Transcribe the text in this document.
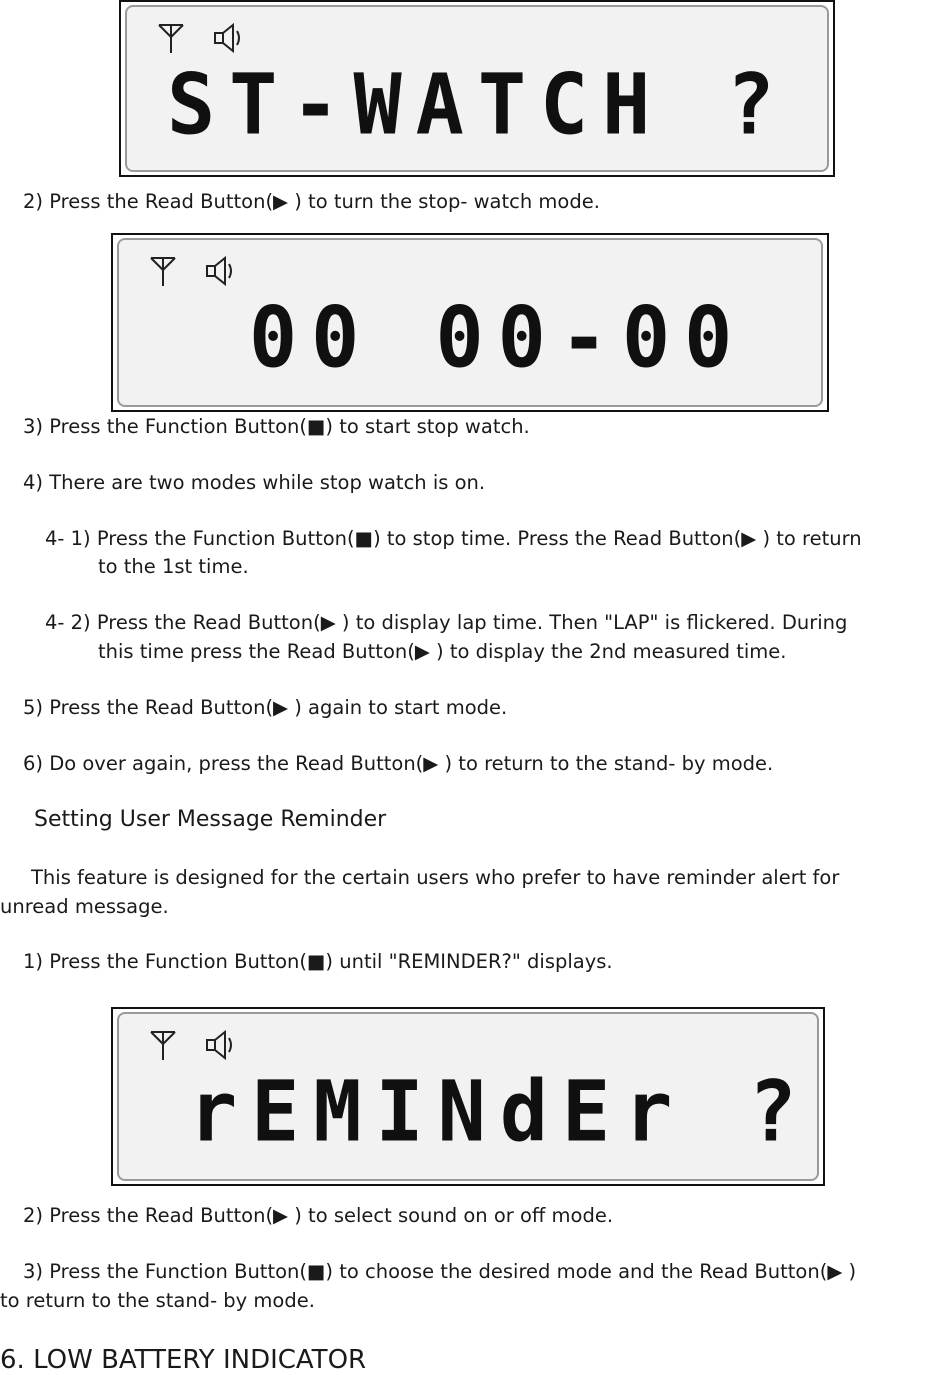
ST-WATCH ?
2) Press the Read Button(▶ ) to turn the stop- watch mode.
00 00-00
3) Press the Function Button(■) to start stop watch.
4) There are two modes while stop watch is on.
4- 1) Press the Function Button(■) to stop time. Press the Read Button(▶ ) to return
to the 1st time.
4- 2) Press the Read Button(▶ ) to display lap time. Then "LAP" is flickered. During
this time press the Read Button(▶ ) to display the 2nd measured time.
5) Press the Read Button(▶ ) again to start mode.
6) Do over again, press the Read Button(▶ ) to return to the stand- by mode.
Setting User Message Reminder
This feature is designed for the certain users who prefer to have reminder alert for
unread message.
1) Press the Function Button(■) until "REMINDER?" displays.
rEMINdEr ?
2) Press the Read Button(▶ ) to select sound on or off mode.
3) Press the Function Button(■) to choose the desired mode and the Read Button(▶ )
to return to the stand- by mode.
6. LOW BATTERY INDICATOR
